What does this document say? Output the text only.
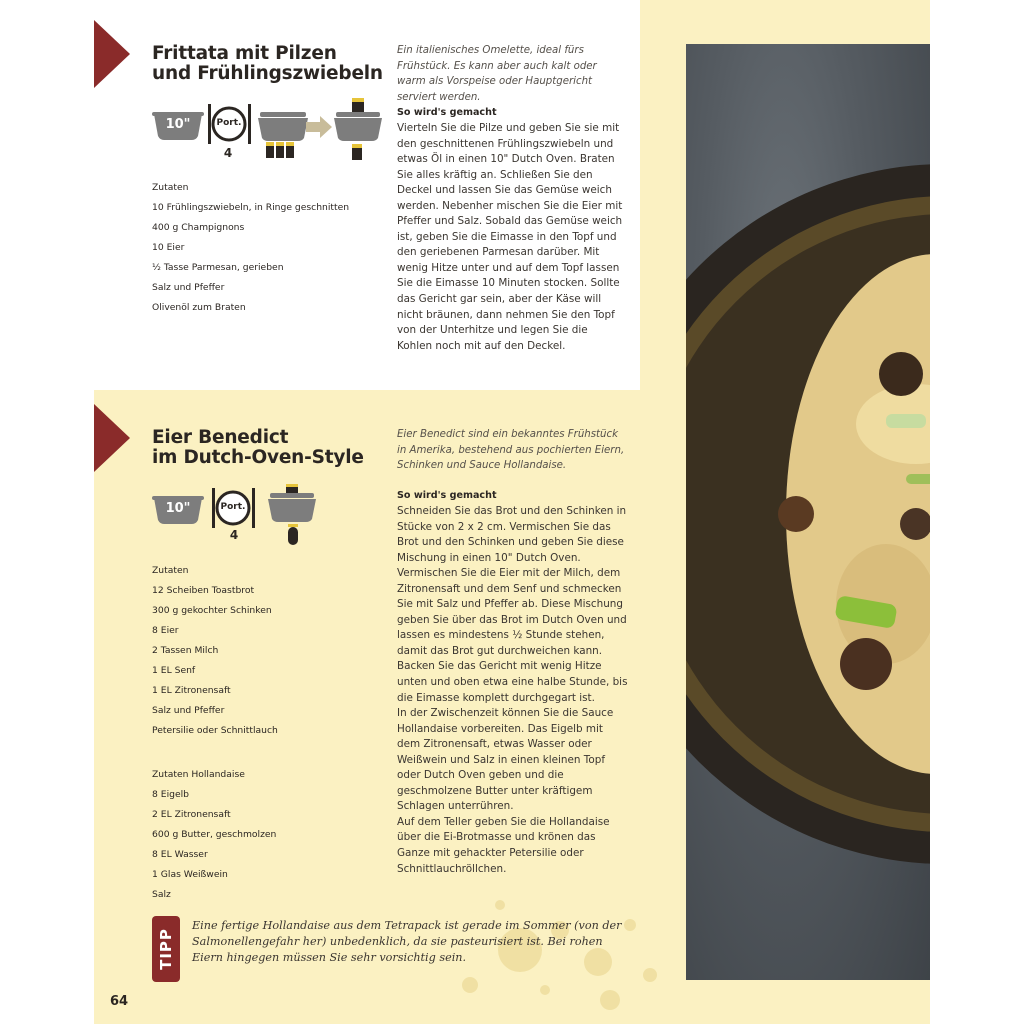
Frittata mit Pilzen
und Frühlingszwiebeln
10"	Port.
4
Zutaten
10 Frühlingszwiebeln, in Ringe geschnitten
400 g Champignons
10 Eier
½ Tasse Parmesan, gerieben
Salz und Pfeffer
Olivenöl zum Braten

Ein italienisches Omelette, ideal fürs Frühstück. Es kann aber auch kalt oder warm als Vorspeise oder Hauptgericht serviert werden.

So wird's gemacht

Vierteln Sie die Pilze und geben Sie sie mit den geschnittenen Frühlingszwiebeln und etwas Öl in einen 10" Dutch Oven. Braten Sie alles kräftig an. Schließen Sie den Deckel und lassen Sie das Gemüse weich werden. Nebenher mischen Sie die Eier mit Pfeffer und Salz. Sobald das Gemüse weich ist, geben Sie die Eimasse in den Topf und den geriebenen Parmesan darüber. Mit wenig Hitze unter und auf dem Topf lassen Sie die Eimasse 10 Minuten stocken. Sollte das Gericht gar sein, aber der Käse will nicht bräunen, dann nehmen Sie den Topf von der Unterhitze und legen Sie die Kohlen noch mit auf den Deckel.

Eier Benedict
im Dutch-Oven-Style
10"	Port.
4
Zutaten
12 Scheiben Toastbrot
300 g gekochter Schinken
8 Eier
2 Tassen Milch
1 EL Senf
1 EL Zitronensaft
Salz und Pfeffer
Petersilie oder Schnittlauch
Zutaten Hollandaise
8 Eigelb
2 EL Zitronensaft
600 g Butter, geschmolzen
8 EL Wasser
1 Glas Weißwein
Salz

Eier Benedict sind ein bekanntes Frühstück in Amerika, bestehend aus pochierten Eiern, Schinken und Sauce Hollandaise.

So wird's gemacht

Schneiden Sie das Brot und den Schinken in Stücke von 2 x 2 cm. Vermischen Sie das Brot und den Schinken und geben Sie diese Mischung in einen 10" Dutch Oven. Vermischen Sie die Eier mit der Milch, dem Zitronensaft und dem Senf und schmecken Sie mit Salz und Pfeffer ab. Diese Mischung geben Sie über das Brot im Dutch Oven und lassen es mindestens ½ Stunde stehen, damit das Brot gut durchweichen kann.
Backen Sie das Gericht mit wenig Hitze unten und oben etwa eine halbe Stunde, bis die Eimasse komplett durchgegart ist.
In der Zwischenzeit können Sie die Sauce Hollandaise vorbereiten. Das Eigelb mit dem Zitronensaft, etwas Wasser oder Weißwein und Salz in einen kleinen Topf oder Dutch Oven geben und die geschmolzene Butter unter kräftigem Schlagen unterrühren.
Auf dem Teller geben Sie die Hollandaise über die Ei-Brotmasse und krönen das Ganze mit gehackter Petersilie oder Schnittlauchröllchen.

TIPP

Eine fertige Hollandaise aus dem Tetrapack ist gerade im Sommer (von der Salmonellengefahr her) unbedenklich, da sie pasteurisiert ist. Bei rohen Eiern hingegen müssen Sie sehr vorsichtig sein.

64
